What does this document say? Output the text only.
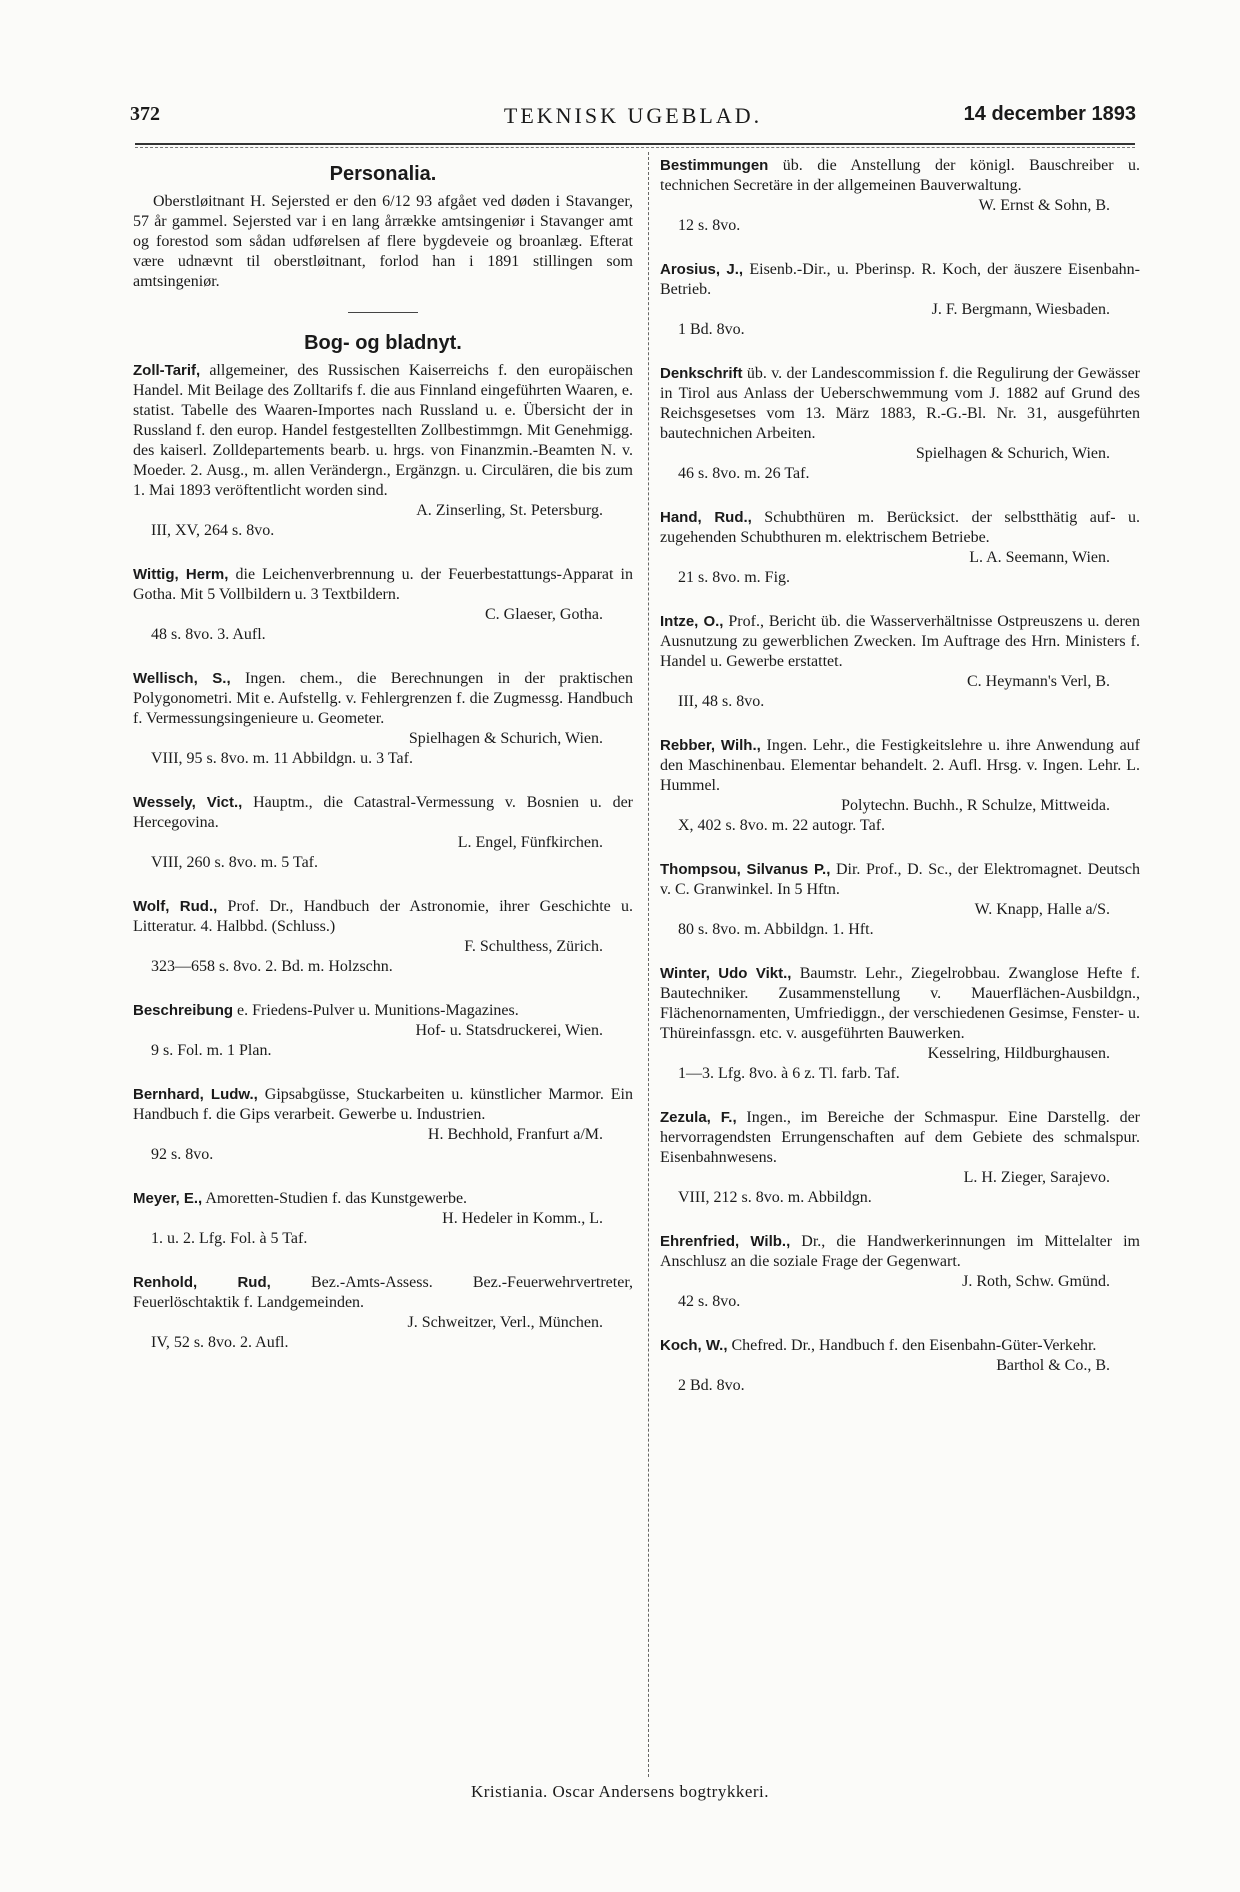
372	TEKNISK UGEBLAD.	14 december 1893
Personalia.

Oberstløitnant H. Sejersted er den 6/12 93 afgået ved døden i Stavanger, 57 år gammel. Sejersted var i en lang årrække amtsingeniør i Stavanger amt og forestod som sådan udførelsen af flere bygdeveie og broanlæg. Efterat være udnævnt til oberstløitnant, forlod han i 1891 stillingen som amtsingeniør.

Bog- og bladnyt.

Zoll-Tarif, allgemeiner, des Russischen Kaiserreichs f. den europäischen Handel. Mit Beilage des Zolltarifs f. die aus Finnland eingeführten Waaren, e. statist. Tabelle des Waaren-Importes nach Russland u. e. Übersicht der in Russland f. den europ. Handel festgestellten Zollbestimmgn. Mit Genehmigg. des kaiserl. Zolldepartements bearb. u. hrgs. von Finanzmin.-Beamten N. v. Moeder. 2. Ausg., m. allen Verändergn., Ergänzgn. u. Circulären, die bis zum 1. Mai 1893 veröftentlicht worden sind.

A. Zinserling, St. Petersburg.

III, XV, 264 s. 8vo.

Wittig, Herm, die Leichenverbrennung u. der Feuerbestattungs-Apparat in Gotha. Mit 5 Vollbildern u. 3 Textbildern.

C. Glaeser, Gotha.

48 s. 8vo. 3. Aufl.

Wellisch, S., Ingen. chem., die Berechnungen in der praktischen Polygonometri. Mit e. Aufstellg. v. Fehlergrenzen f. die Zugmessg. Handbuch f. Vermessungsingenieure u. Geometer.

Spielhagen & Schurich, Wien.

VIII, 95 s. 8vo. m. 11 Abbildgn. u. 3 Taf.

Wessely, Vict., Hauptm., die Catastral-Vermessung v. Bosnien u. der Hercegovina.

L. Engel, Fünfkirchen.

VIII, 260 s. 8vo. m. 5 Taf.

Wolf, Rud., Prof. Dr., Handbuch der Astronomie, ihrer Geschichte u. Litteratur. 4. Halbbd. (Schluss.)

F. Schulthess, Zürich.

323—658 s. 8vo. 2. Bd. m. Holzschn.

Beschreibung e. Friedens-Pulver u. Munitions-Magazines.

Hof- u. Statsdruckerei, Wien.

9 s. Fol. m. 1 Plan.

Bernhard, Ludw., Gipsabgüsse, Stuckarbeiten u. künstlicher Marmor. Ein Handbuch f. die Gips verarbeit. Gewerbe u. Industrien.

H. Bechhold, Franfurt a/M.

92 s. 8vo.

Meyer, E., Amoretten-Studien f. das Kunstgewerbe.

H. Hedeler in Komm., L.

1. u. 2. Lfg. Fol. à 5 Taf.

Renhold, Rud, Bez.-Amts-Assess. Bez.-Feuerwehrvertreter, Feuerlöschtaktik f. Landgemeinden.

J. Schweitzer, Verl., München.

IV, 52 s. 8vo. 2. Aufl.

Bestimmungen üb. die Anstellung der königl. Bauschreiber u. technichen Secretäre in der allgemeinen Bauverwaltung.

W. Ernst & Sohn, B.

12 s. 8vo.

Arosius, J., Eisenb.-Dir., u. Pberinsp. R. Koch, der äuszere Eisenbahn-Betrieb.

J. F. Bergmann, Wiesbaden.

1 Bd. 8vo.

Denkschrift üb. v. der Landescommission f. die Regulirung der Gewässer in Tirol aus Anlass der Ueberschwemmung vom J. 1882 auf Grund des Reichsgesetses vom 13. März 1883, R.-G.-Bl. Nr. 31, ausgeführten bautechnichen Arbeiten.

Spielhagen & Schurich, Wien.

46 s. 8vo. m. 26 Taf.

Hand, Rud., Schubthüren m. Berücksict. der selbstthätig auf- u. zugehenden Schubthuren m. elektrischem Betriebe.

L. A. Seemann, Wien.

21 s. 8vo. m. Fig.

Intze, O., Prof., Bericht üb. die Wasserverhältnisse Ostpreuszens u. deren Ausnutzung zu gewerblichen Zwecken. Im Auftrage des Hrn. Ministers f. Handel u. Gewerbe erstattet.

C. Heymann's Verl, B.

III, 48 s. 8vo.

Rebber, Wilh., Ingen. Lehr., die Festigkeitslehre u. ihre Anwendung auf den Maschinenbau. Elementar behandelt. 2. Aufl. Hrsg. v. Ingen. Lehr. L. Hummel.

Polytechn. Buchh., R Schulze, Mittweida.

X, 402 s. 8vo. m. 22 autogr. Taf.

Thompsou, Silvanus P., Dir. Prof., D. Sc., der Elektromagnet. Deutsch v. C. Granwinkel. In 5 Hftn.

W. Knapp, Halle a/S.

80 s. 8vo. m. Abbildgn. 1. Hft.

Winter, Udo Vikt., Baumstr. Lehr., Ziegelrobbau. Zwanglose Hefte f. Bautechniker. Zusammenstellung v. Mauerflächen-Ausbildgn., Flächenornamenten, Umfriediggn., der verschiedenen Gesimse, Fenster- u. Thüreinfassgn. etc. v. ausgeführten Bauwerken.

Kesselring, Hildburghausen.

1—3. Lfg. 8vo. à 6 z. Tl. farb. Taf.

Zezula, F., Ingen., im Bereiche der Schmaspur. Eine Darstellg. der hervorragendsten Errungenschaften auf dem Gebiete des schmalspur. Eisenbahnwesens.

L. H. Zieger, Sarajevo.

VIII, 212 s. 8vo. m. Abbildgn.

Ehrenfried, Wilb., Dr., die Handwerkerinnungen im Mittelalter im Anschlusz an die soziale Frage der Gegenwart.

J. Roth, Schw. Gmünd.

42 s. 8vo.

Koch, W., Chefred. Dr., Handbuch f. den Eisenbahn-Güter-Verkehr.

Barthol & Co., B.

2 Bd. 8vo.

Kristiania. Oscar Andersens bogtrykkeri.
